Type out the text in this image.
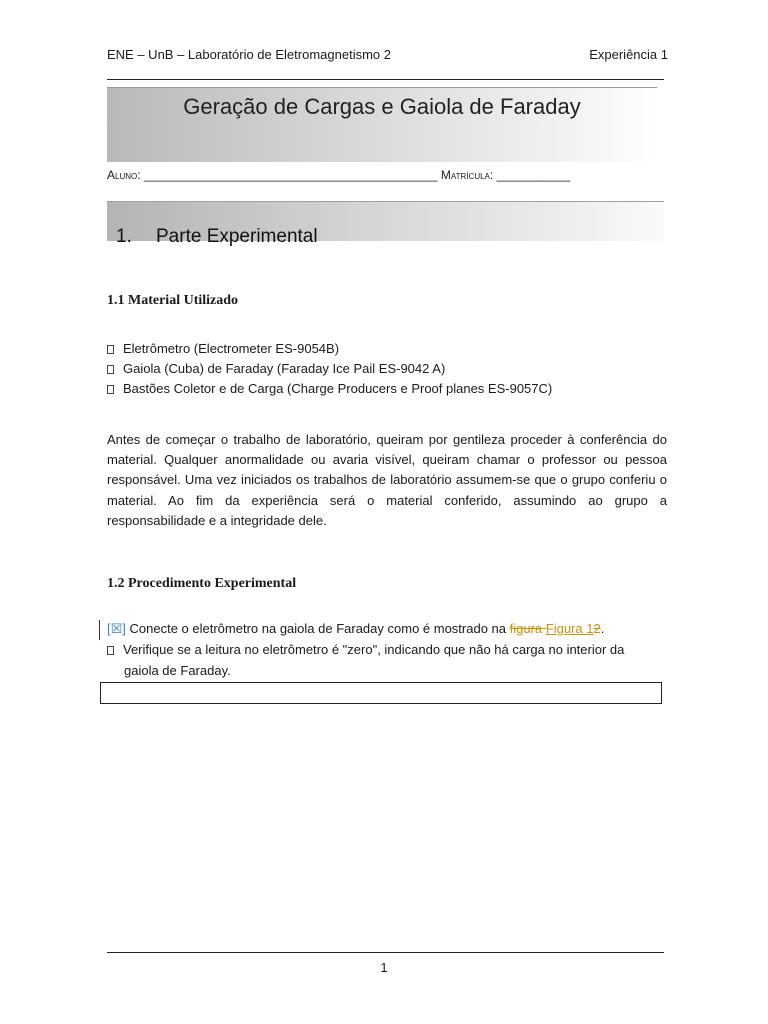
ENE – UnB – Laboratório de Eletromagnetismo 2	Experiência 1
Geração de Cargas e Gaiola de Faraday
Aluno: ____________________________________________ Matrícula: ___________
1. Parte Experimental
1.1 Material Utilizado
Eletrômetro (Electrometer ES-9054B)
Gaiola (Cuba) de Faraday (Faraday Ice Pail ES-9042 A)
Bastões Coletor e de Carga (Charge Producers e Proof planes ES-9057C)
Antes de começar o trabalho de laboratório, queiram por gentileza proceder à conferência do material. Qualquer anormalidade ou avaria visível, queiram chamar o professor ou pessoa responsável. Uma vez iniciados os trabalhos de laboratório assumem-se que o grupo conferiu o material. Ao fim da experiência será o material conferido, assumindo ao grupo a responsabilidade e a integridade dele.
1.2 Procedimento Experimental
[☒] Conecte o eletrômetro na gaiola de Faraday como é mostrado na figura Figura 12.
Verifique se a leitura no eletrômetro é "zero", indicando que não há carga no interior da
gaiola de Faraday.
1
